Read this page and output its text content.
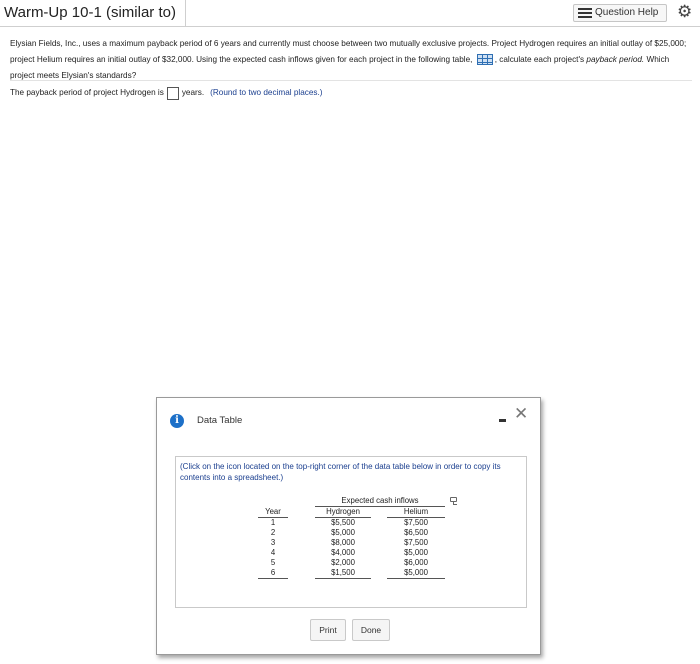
Warm-Up 10-1 (similar to)	Question Help ⚙
Elysian Fields, Inc., uses a maximum payback period of 6 years and currently must choose between two mutually exclusive projects. Project Hydrogen requires an initial outlay of $25,000; project Helium requires an initial outlay of $32,000. Using the expected cash inflows given for each project in the following table,	, calculate each project's payback period. Which project meets Elysian's standards?
The payback period of project Hydrogen is years. (Round to two decimal places.)
i	Data Table	✕
(Click on the icon located on the top-right corner of the data table below in order to copy its contents into a spreadsheet.)
		Expected cash inflows		
Year		Hydrogen		Helium
1		$5,500		$7,500
2		$5,000		$6,500
3		$8,000		$7,500
4		$4,000		$5,000
5		$2,000		$6,000
6		$1,500		$5,000
Print	Done
